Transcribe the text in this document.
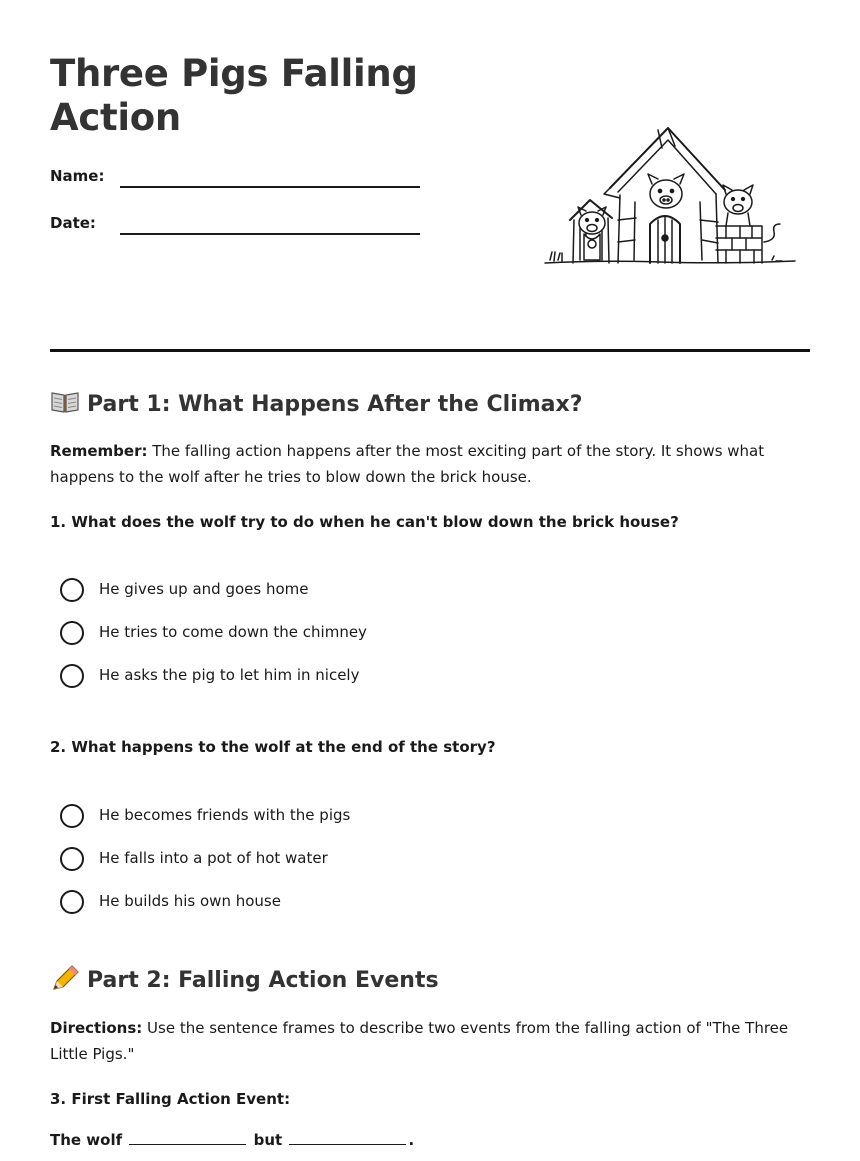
Three Pigs Falling Action
Name:
Date:
Part 1: What Happens After the Climax?

Remember: The falling action happens after the most exciting part of the story. It shows what happens to the wolf after he tries to blow down the brick house.

1. What does the wolf try to do when he can't blow down the brick house?

He gives up and goes home
He tries to come down the chimney
He asks the pig to let him in nicely

2. What happens to the wolf at the end of the story?

He becomes friends with the pigs
He falls into a pot of hot water
He builds his own house
Part 2: Falling Action Events

Directions: Use the sentence frames to describe two events from the falling action of "The Three Little Pigs."

3. First Falling Action Event:

The wolf	but	.
